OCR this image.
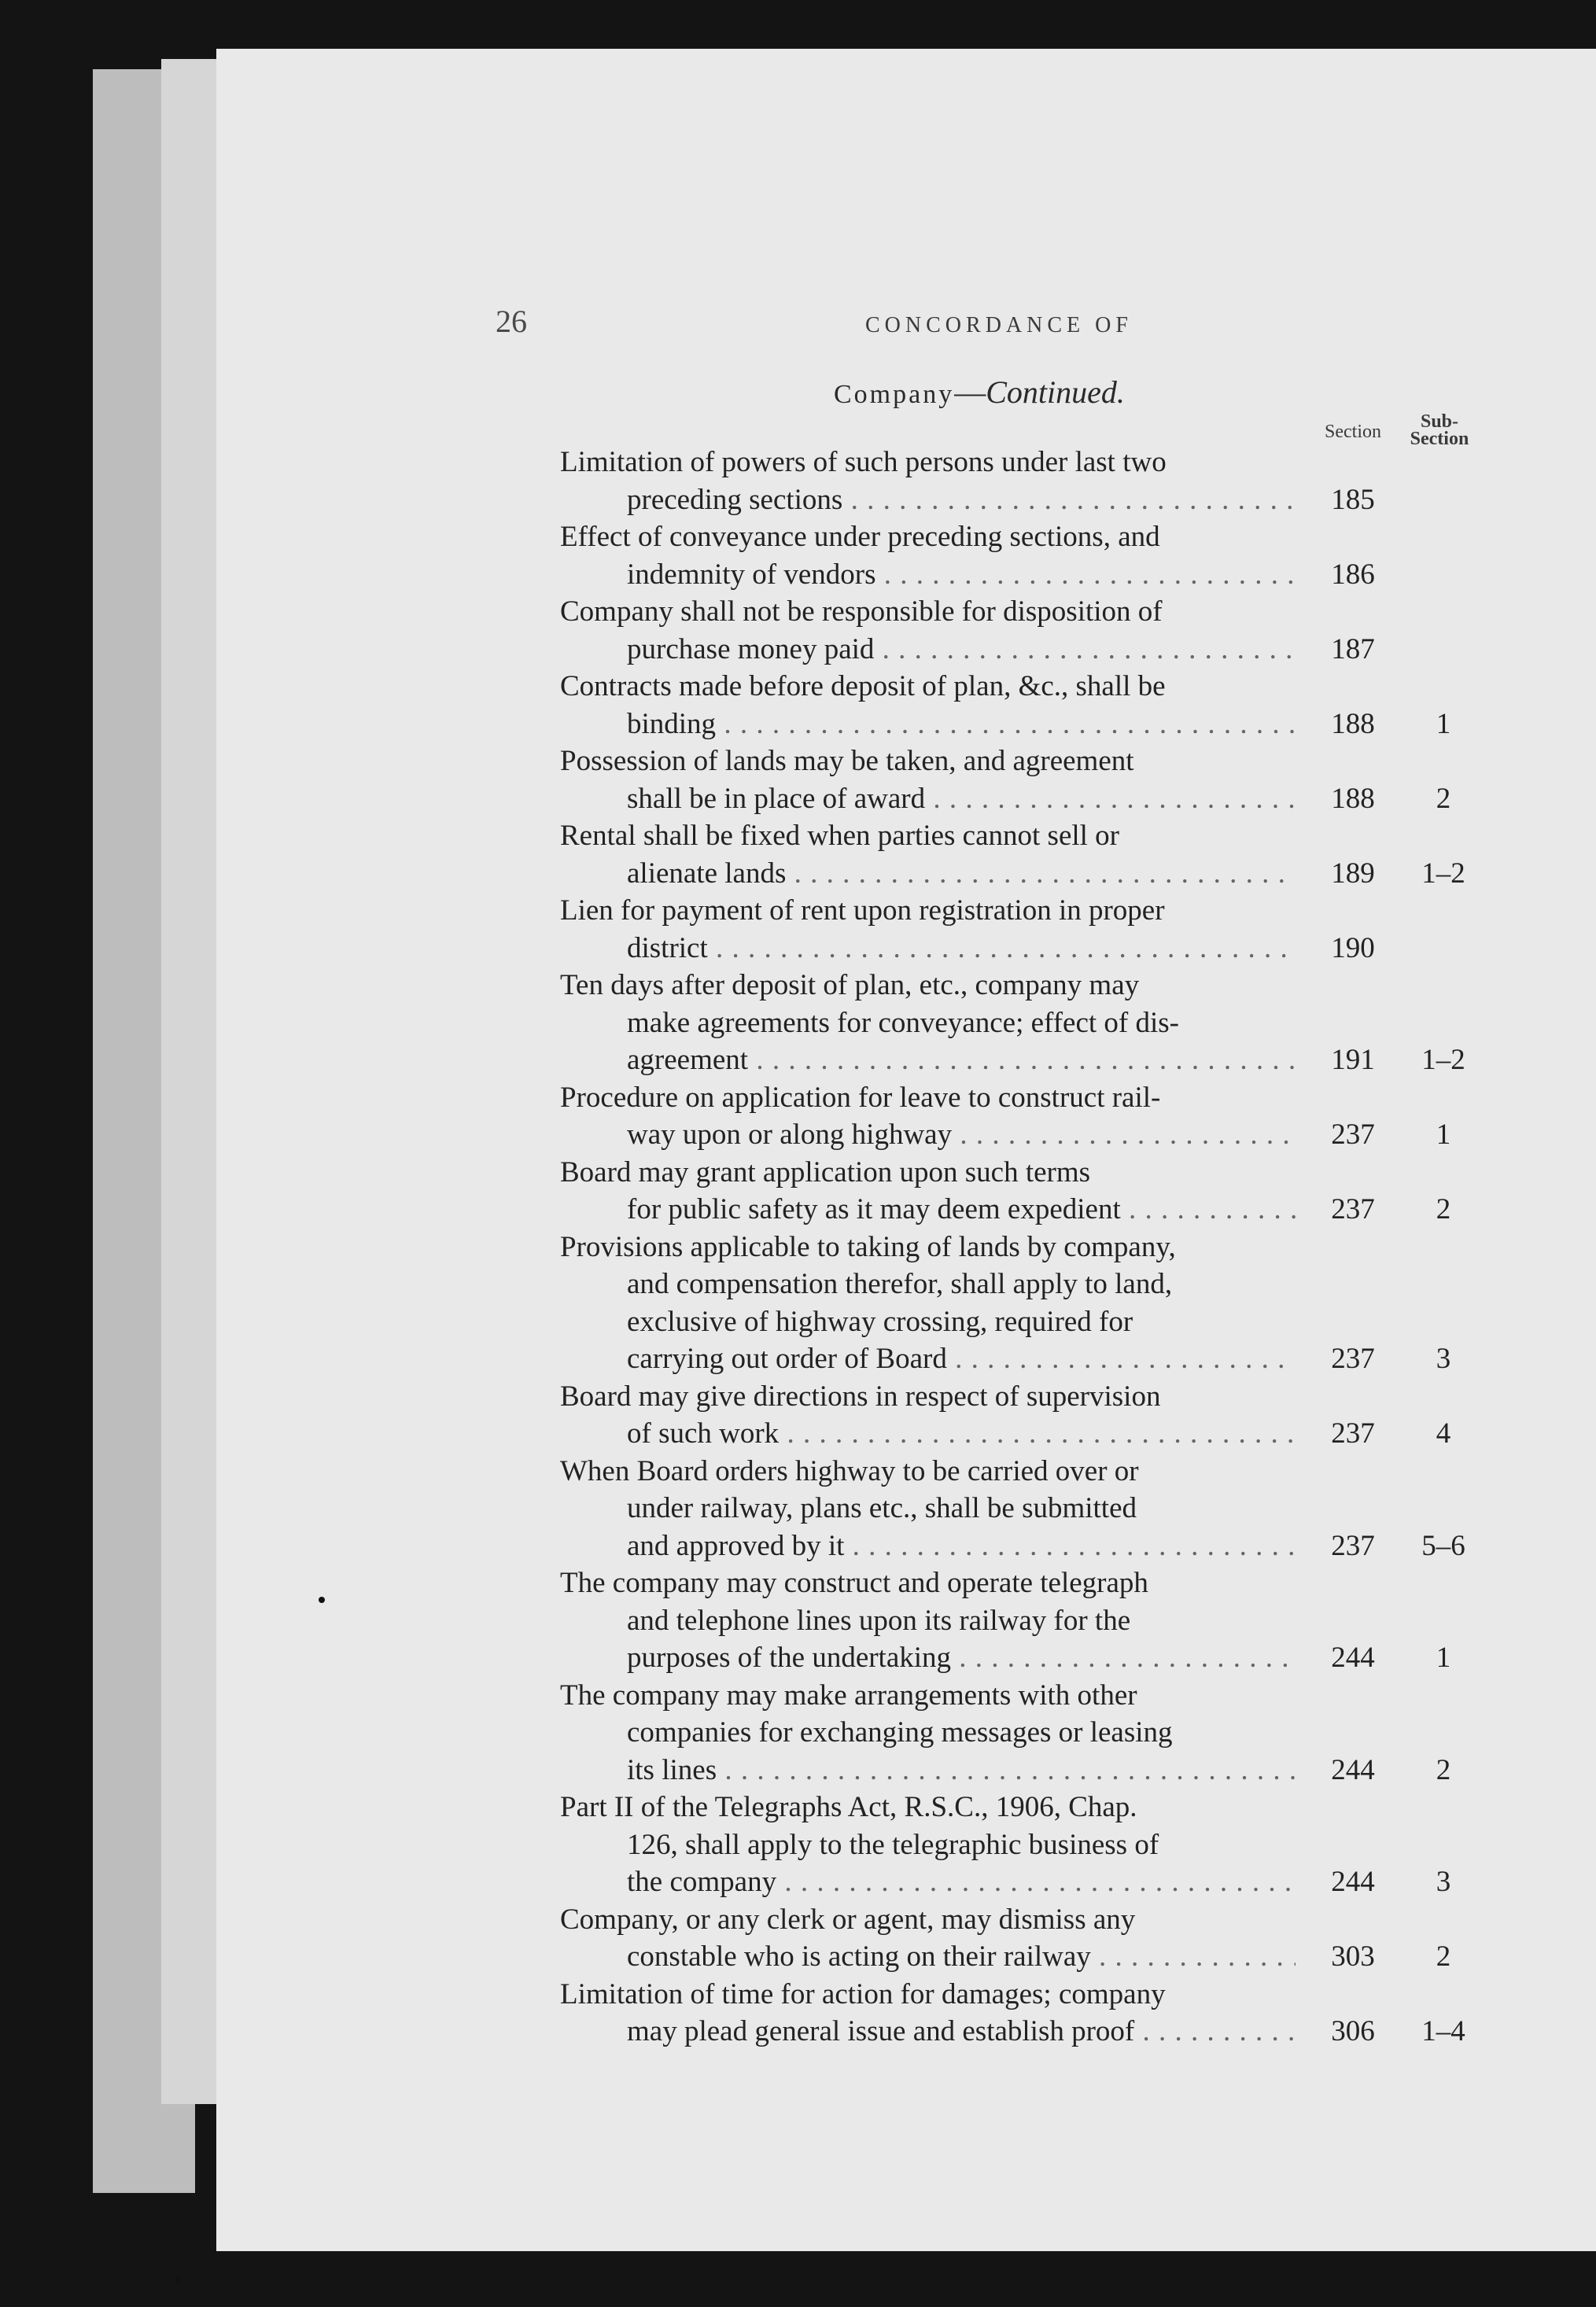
26	CONCORDANCE OF
Company—Continued.
Section	Sub-
Section
Limitation of powers of such persons under last two
preceding sections . . .	185
Effect of conveyance under preceding sections, and
indemnity of vendors . . .	186
Company shall not be responsible for disposition of
purchase money paid . . .	187
Contracts made before deposit of plan, &c., shall be
binding . . .	188	1
Possession of lands may be taken, and agreement
shall be in place of award . . .	188	2
Rental shall be fixed when parties cannot sell or
alienate lands . . .	189	1–2
Lien for payment of rent upon registration in proper
district . . .	190
Ten days after deposit of plan, etc., company may
make agreements for conveyance; effect of dis-
agreement . . .	191	1–2
Procedure on application for leave to construct rail-
way upon or along highway . . .	237	1
Board may grant application upon such terms
for public safety as it may deem expedient . . .	237	2
Provisions applicable to taking of lands by company,
and compensation therefor, shall apply to land,
exclusive of highway crossing, required for
carrying out order of Board . . .	237	3
Board may give directions in respect of supervision
of such work . . .	237	4
When Board orders highway to be carried over or
under railway, plans etc., shall be submitted
and approved by it . . .	237	5–6
The company may construct and operate telegraph
and telephone lines upon its railway for the
purposes of the undertaking . . .	244	1
The company may make arrangements with other
companies for exchanging messages or leasing
its lines . . .	244	2
Part II of the Telegraphs Act, R.S.C., 1906, Chap.
126, shall apply to the telegraphic business of
the company . . .	244	3
Company, or any clerk or agent, may dismiss any
constable who is acting on their railway . . .	303	2
Limitation of time for action for damages; company
may plead general issue and establish proof . . .	306	1–4
